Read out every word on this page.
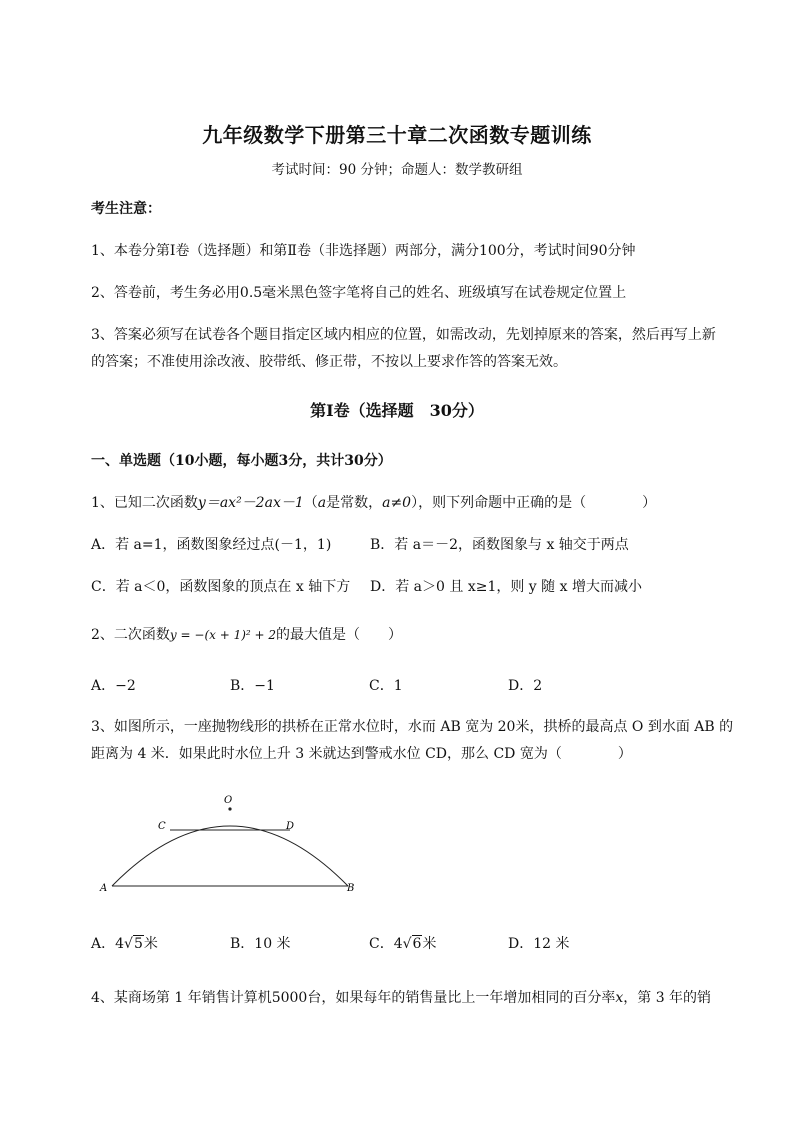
九年级数学下册第三十章二次函数专题训练
考试时间：90 分钟；命题人：数学教研组
考生注意：
1、本卷分第Ⅰ卷（选择题）和第Ⅱ卷（非选择题）两部分，满分100分，考试时间90分钟
2、答卷前，考生务必用0.5毫米黑色签字笔将自己的姓名、班级填写在试卷规定位置上
3、答案必须写在试卷各个题目指定区域内相应的位置，如需改动，先划掉原来的答案，然后再写上新
的答案；不准使用涂改液、胶带纸、修正带，不按以上要求作答的答案无效。
第Ⅰ卷（选择题　30分）
一、单选题（10小题，每小题3分，共计30分）
1、已知二次函数y＝ax²－2ax－1（a是常数，a≠0），则下列命题中正确的是（　　　　）
A．若 a=1，函数图象经过点(－1，1)	B．若 a＝－2，函数图象与 x 轴交于两点
C．若 a＜0，函数图象的顶点在 x 轴下方 D．若 a＞0 且 x≥1，则 y 随 x 增大而减小
2、二次函数y = −(x + 1)² + 2的最大值是（　　）
A．−2	B．−1	C．1	D．2
3、如图所示，一座抛物线形的拱桥在正常水位时，水而 AB 宽为 20米，拱桥的最高点 O 到水面 AB 的
距离为 4 米．如果此时水位上升 3 米就达到警戒水位 CD，那么 CD 宽为（　　　　）
O
C	D
A	B
A．4√5米	B．10 米	C．4√6米	D．12 米
4、某商场第 1 年销售计算机5000台，如果每年的销售量比上一年增加相同的百分率x，第 3 年的销
